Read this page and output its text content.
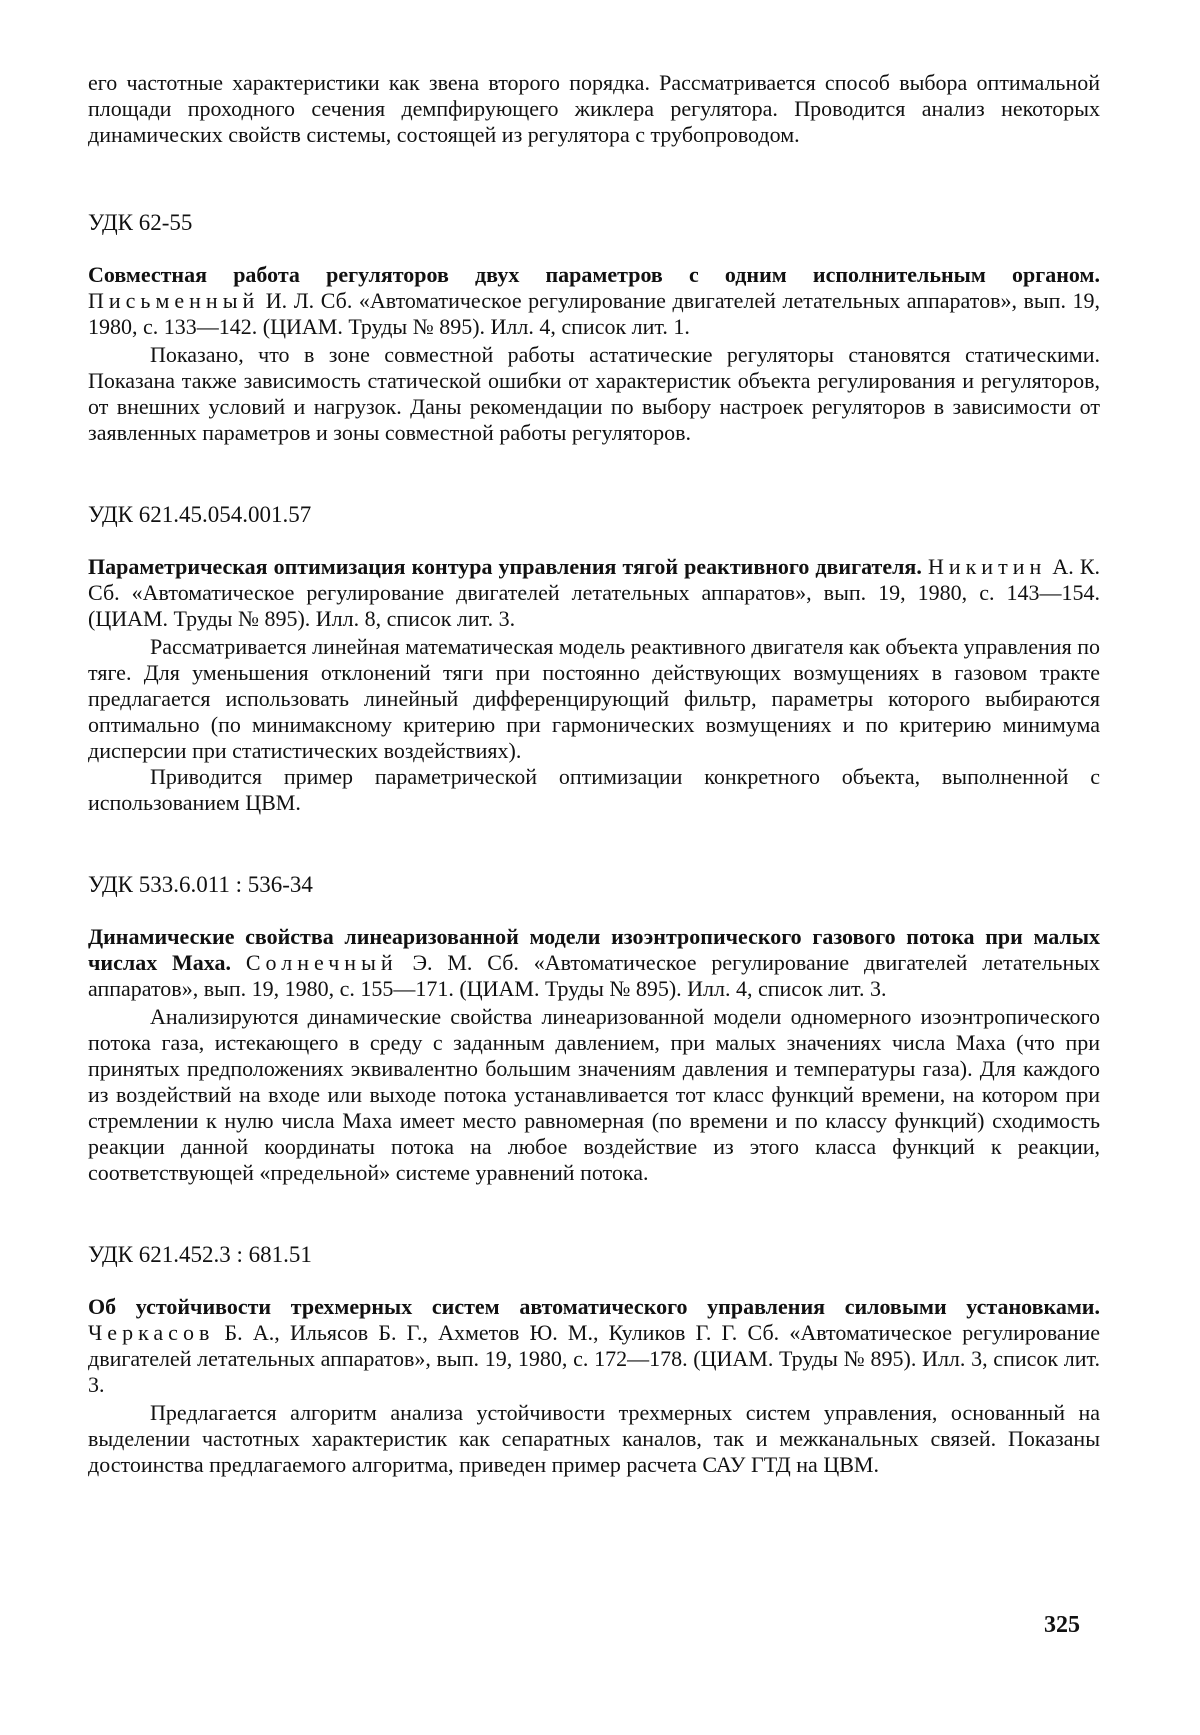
его частотные характеристики как звена второго порядка. Рассматривается способ выбора оптимальной площади проходного сечения демпфирующего жиклера регулятора. Проводится анализ некоторых динамических свойств системы, состоящей из регулятора с трубопроводом.

УДК 62-55

Совместная работа регуляторов двух параметров с одним исполнительным органом. Письменный И. Л. Сб. «Автоматическое регулирование двигателей летательных аппаратов», вып. 19, 1980, с. 133—142. (ЦИАМ. Труды № 895). Илл. 4, список лит. 1.

Показано, что в зоне совместной работы астатические регуляторы становятся статическими. Показана также зависимость статической ошибки от характеристик объекта регулирования и регуляторов, от внешних условий и нагрузок. Даны рекомендации по выбору настроек регуляторов в зависимости от заявленных параметров и зоны совместной работы регуляторов.

УДК 621.45.054.001.57

Параметрическая оптимизация контура управления тягой реактивного двигателя. Никитин А. К. Сб. «Автоматическое регулирование двигателей летательных аппаратов», вып. 19, 1980, с. 143—154. (ЦИАМ. Труды № 895). Илл. 8, список лит. 3.

Рассматривается линейная математическая модель реактивного двигателя как объекта управления по тяге. Для уменьшения отклонений тяги при постоянно действующих возмущениях в газовом тракте предлагается использовать линейный дифференцирующий фильтр, параметры которого выбираются оптимально (по минимаксному критерию при гармонических возмущениях и по критерию минимума дисперсии при статистических воздействиях).

Приводится пример параметрической оптимизации конкретного объекта, выполненной с использованием ЦВМ.

УДК 533.6.011 : 536-34

Динамические свойства линеаризованной модели изоэнтропического газового потока при малых числах Маха. Солнечный Э. М. Сб. «Автоматическое регулирование двигателей летательных аппаратов», вып. 19, 1980, с. 155—171. (ЦИАМ. Труды № 895). Илл. 4, список лит. 3.

Анализируются динамические свойства линеаризованной модели одномерного изоэнтропического потока газа, истекающего в среду с заданным давлением, при малых значениях числа Маха (что при принятых предположениях эквивалентно большим значениям давления и температуры газа). Для каждого из воздействий на входе или выходе потока устанавливается тот класс функций времени, на котором при стремлении к нулю числа Маха имеет место равномерная (по времени и по классу функций) сходимость реакции данной координаты потока на любое воздействие из этого класса функций к реакции, соответствующей «предельной» системе уравнений потока.

УДК 621.452.3 : 681.51

Об устойчивости трехмерных систем автоматического управления силовыми установками. Черкасов Б. А., Ильясов Б. Г., Ахметов Ю. М., Куликов Г. Г. Сб. «Автоматическое регулирование двигателей летательных аппаратов», вып. 19, 1980, с. 172—178. (ЦИАМ. Труды № 895). Илл. 3, список лит. 3.

Предлагается алгоритм анализа устойчивости трехмерных систем управления, основанный на выделении частотных характеристик как сепаратных каналов, так и межканальных связей. Показаны достоинства предлагаемого алгоритма, приведен пример расчета САУ ГТД на ЦВМ.

325
